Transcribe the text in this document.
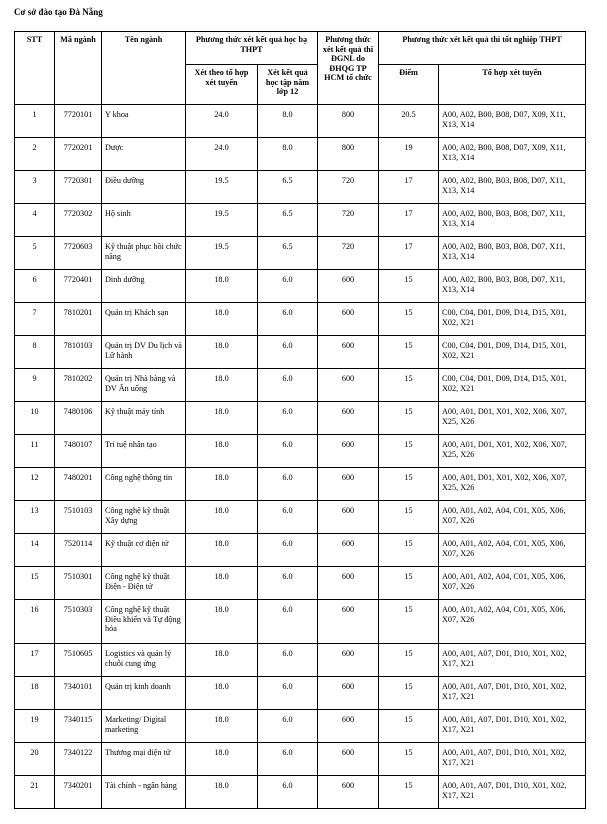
Cơ sở đào tạo Đà Nẵng
STT	Mã ngành	Tên ngành	Phương thức xét kết quả học bạ THPT		Phương thức xét kết quả thi ĐGNL do ĐHQG TP HCM tổ chức	Phương thức xét kết quả thi tốt nghiệp THPT	
			Xét theo tổ hợp xét tuyển	Xét kết quả học tập năm lớp 12		Điểm	Tổ hợp xét tuyển
1	7720101	Y khoa	24.0	8.0	800	20.5	A00, A02, B00, B08, D07, X09, X11, X13, X14
2	7720201	Dược	24.0	8.0	800	19	A00, A02, B00, B08, D07, X09, X11, X13, X14
3	7720301	Điều dưỡng	19.5	6.5	720	17	A00, A02, B00, B03, B08, D07, X11, X13, X14
4	7720302	Hộ sinh	19.5	6.5	720	17	A00, A02, B00, B03, B08, D07, X11, X13, X14
5	7720603	Kỹ thuật phục hồi chức năng	19.5	6.5	720	17	A00, A02, B00, B03, B08, D07, X11, X13, X14
6	7720401	Dinh dưỡng	18.0	6.0	600	15	A00, A02, B00, B03, B08, D07, X11, X13, X14
7	7810201	Quản trị Khách sạn	18.0	6.0	600	15	C00, C04, D01, D09, D14, D15, X01, X02, X21
8	7810103	Quản trị DV Du lịch và Lữ hành	18.0	6.0	600	15	C00, C04, D01, D09, D14, D15, X01, X02, X21
9	7810202	Quản trị Nhà hàng và DV Ăn uống	18.0	6.0	600	15	C00, C04, D01, D09, D14, D15, X01, X02, X21
10	7480106	Kỹ thuật máy tính	18.0	6.0	600	15	A00, A01, D01, X01, X02, X06, X07, X25, X26
11	7480107	Trí tuệ nhân tạo	18.0	6.0	600	15	A00, A01, D01, X01, X02, X06, X07, X25, X26
12	7480201	Công nghệ thông tin	18.0	6.0	600	15	A00, A01, D01, X01, X02, X06, X07, X25, X26
13	7510103	Công nghệ kỹ thuật Xây dựng	18.0	6.0	600	15	A00, A01, A02, A04, C01, X05, X06, X07, X26
14	7520114	Kỹ thuật cơ điện tử	18.0	6.0	600	15	A00, A01, A02, A04, C01, X05, X06, X07, X26
15	7510301	Công nghệ kỹ thuật Điện - Điện tử	18.0	6.0	600	15	A00, A01, A02, A04, C01, X05, X06, X07, X26
16	7510303	Công nghệ kỹ thuật Điều khiển và Tự động hóa	18.0	6.0	600	15	A00, A01, A02, A04, C01, X05, X06, X07, X26
17	7510605	Logistics và quản lý chuỗi cung ứng	18.0	6.0	600	15	A00, A01, A07, D01, D10, X01, X02, X17, X21
18	7340101	Quản trị kinh doanh	18.0	6.0	600	15	A00, A01, A07, D01, D10, X01, X02, X17, X21
19	7340115	Marketing/ Digital marketing	18.0	6.0	600	15	A00, A01, A07, D01, D10, X01, X02, X17, X21
20	7340122	Thương mại điện tử	18.0	6.0	600	15	A00, A01, A07, D01, D10, X01, X02, X17, X21
21	7340201	Tài chính - ngân hàng	18.0	6.0	600	15	A00, A01, A07, D01, D10, X01, X02, X17, X21
